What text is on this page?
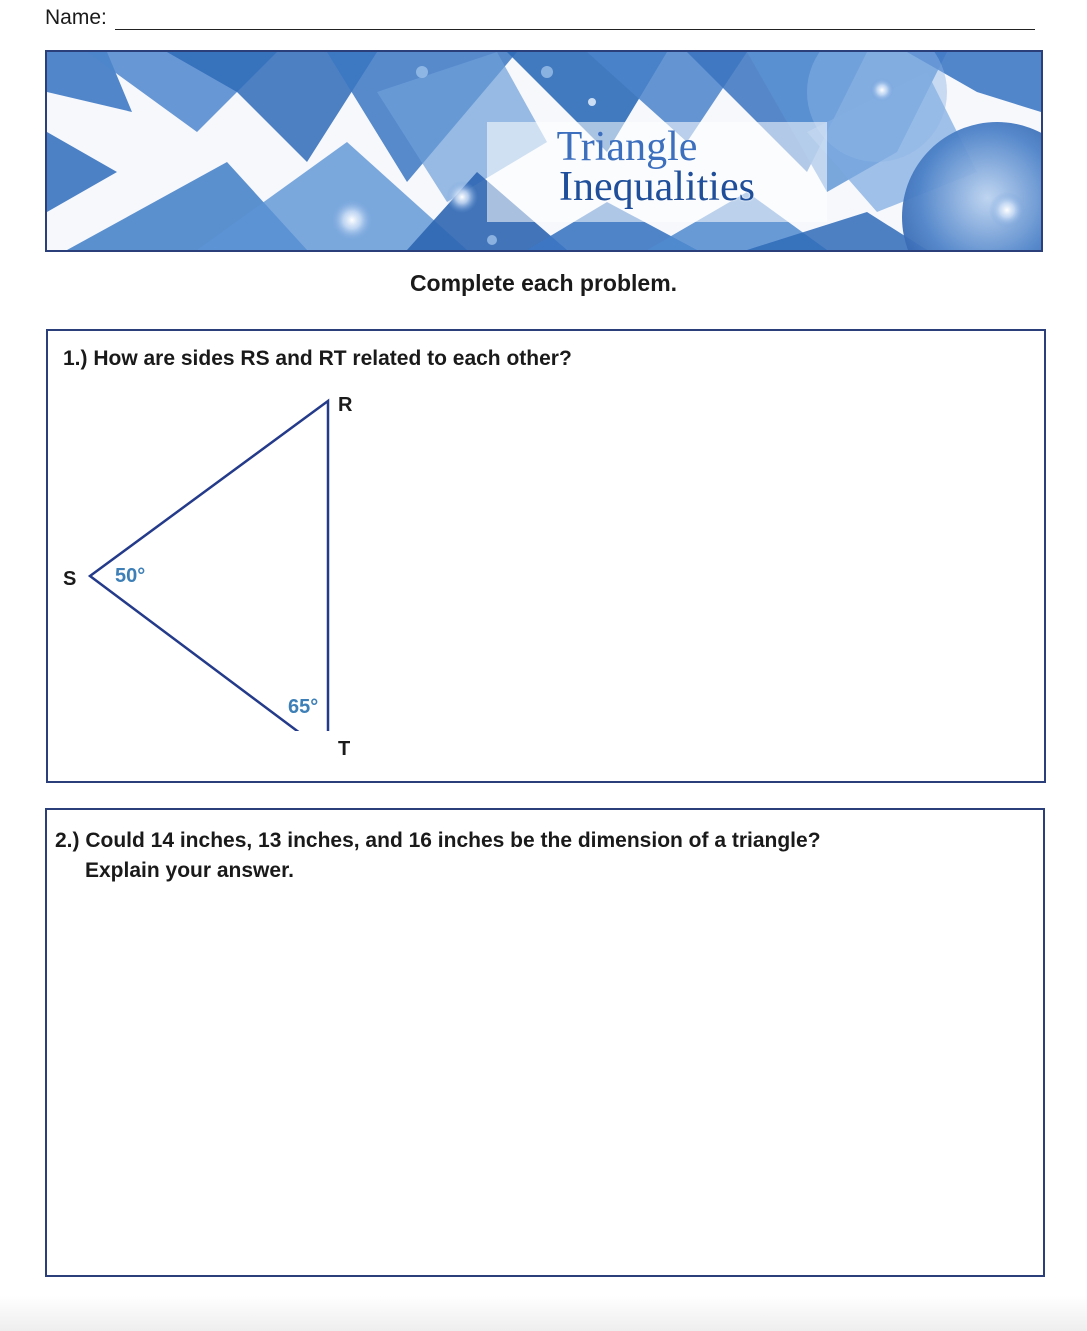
Name:
Triangle
Inequalities
Complete each problem.
1.) How are sides RS and RT related to each other?
R
S
T
50°
65°
2.) Could 14 inches, 13 inches, and 16 inches be the dimension of a triangle?
Explain your answer.
